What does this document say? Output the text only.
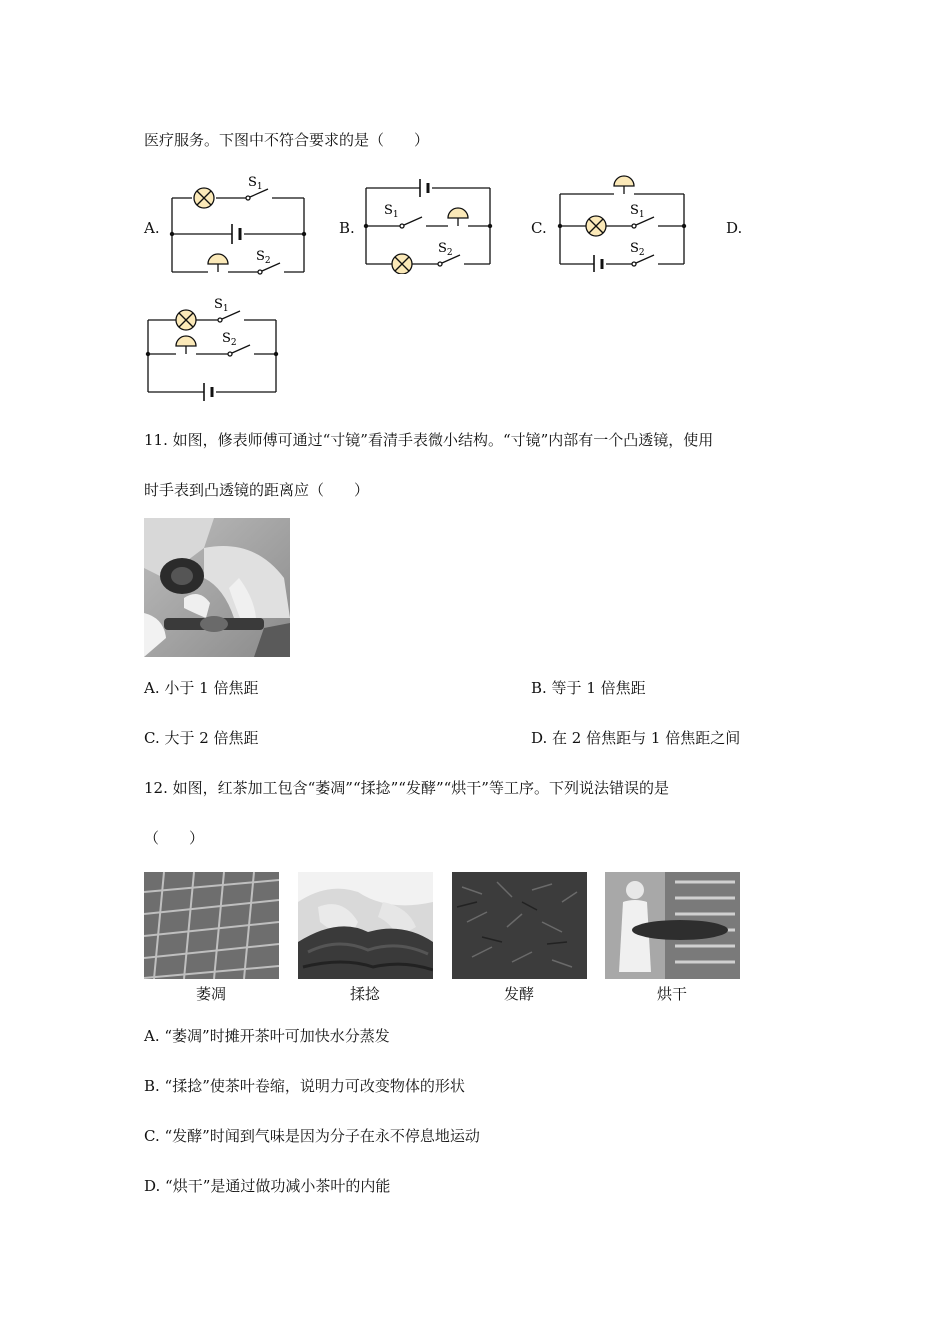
医疗服务。下图中不符合要求的是（　　）
A.	B.	C.	D.
$S_1$
$S_2$
$S_1$
$S_2$
$S_1$
$S_2$
$S_1$
$S_2$
11. 如图，修表师傅可通过“寸镜”看清手表微小结构。“寸镜”内部有一个凸透镜，使用
时手表到凸透镜的距离应（　　）
A. 小于 1 倍焦距	B. 等于 1 倍焦距
C. 大于 2 倍焦距	D. 在 2 倍焦距与 1 倍焦距之间
12. 如图，红茶加工包含“萎凋”“揉捻”“发酵”“烘干”等工序。下列说法错误的是
（　　）
萎凋	揉捻	发酵	烘干
A. “萎凋”时摊开茶叶可加快水分蒸发
B. “揉捻”使茶叶卷缩，说明力可改变物体的形状
C. “发酵”时闻到气味是因为分子在永不停息地运动
D. “烘干”是通过做功减小茶叶的内能
